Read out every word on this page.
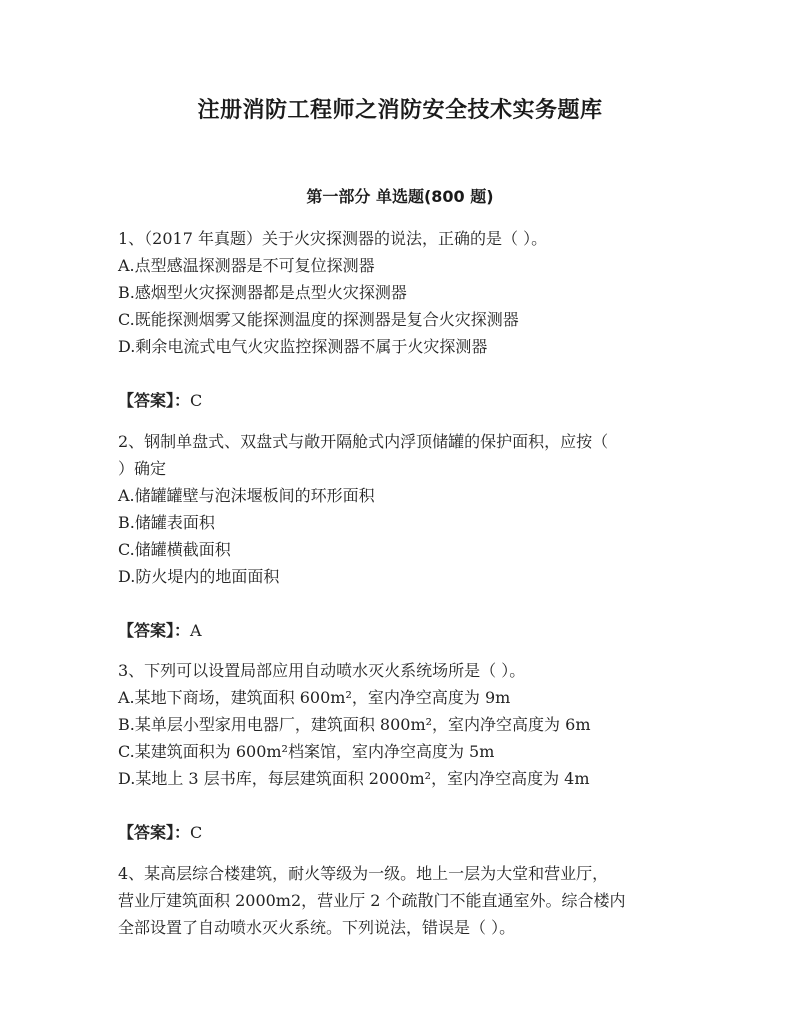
注册消防工程师之消防安全技术实务题库
第一部分 单选题(800 题)
1、（2017 年真题）关于火灾探测器的说法，正确的是（ ）。
A.点型感温探测器是不可复位探测器
B.感烟型火灾探测器都是点型火灾探测器
C.既能探测烟雾又能探测温度的探测器是复合火灾探测器
D.剩余电流式电气火灾监控探测器不属于火灾探测器
【答案】：C
2、钢制单盘式、双盘式与敞开隔舱式内浮顶储罐的保护面积，应按（
）确定
A.储罐罐壁与泡沫堰板间的环形面积
B.储罐表面积
C.储罐横截面积
D.防火堤内的地面面积
【答案】：A
3、下列可以设置局部应用自动喷水灭火系统场所是（ ）。
A.某地下商场，建筑面积 600m²，室内净空高度为 9m
B.某单层小型家用电器厂，建筑面积 800m²，室内净空高度为 6m
C.某建筑面积为 600m²档案馆，室内净空高度为 5m
D.某地上 3 层书库，每层建筑面积 2000m²，室内净空高度为 4m
【答案】：C
4、某高层综合楼建筑，耐火等级为一级。地上一层为大堂和营业厅，
营业厅建筑面积 2000m2，营业厅 2 个疏散门不能直通室外。综合楼内
全部设置了自动喷水灭火系统。下列说法，错误是（ ）。
